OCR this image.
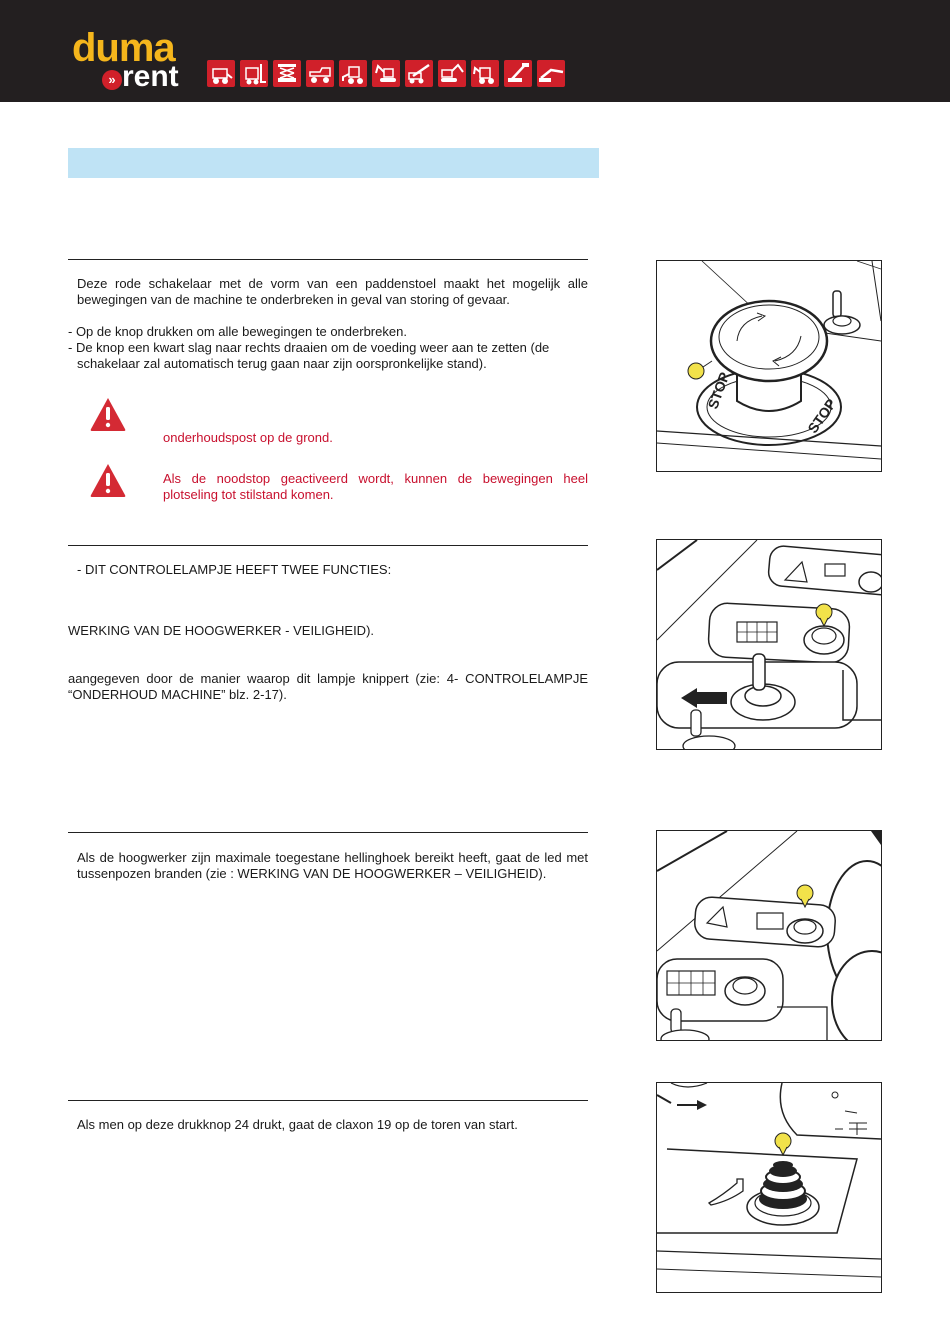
duma
» rent

Deze rode schakelaar met de vorm van een paddenstoel maakt het mogelijk alle bewegingen van de machine te onderbreken in geval van storing of gevaar.

- Op de knop drukken om alle bewegingen te onderbreken.

- De knop een kwart slag naar rechts draaien om de voeding weer aan te zetten (de

schakelaar zal automatisch terug gaan naar zijn oorspronkelijke stand).

onderhoudspost op de grond.

Als de noodstop geactiveerd wordt, kunnen de bewegingen heel plotseling tot stilstand komen.

STOP
STOP

- DIT CONTROLELAMPJE HEEFT TWEE FUNCTIES:

WERKING VAN DE HOOGWERKER - VEILIGHEID).

aangegeven door de manier waarop dit lampje knippert (zie: 4- CONTROLELAMPJE “ONDERHOUD MACHINE” blz. 2-17).

Als de hoogwerker zijn maximale toegestane hellinghoek bereikt heeft, gaat de led met tussenpozen branden (zie : WERKING VAN DE HOOGWERKER – VEILIGHEID).

Als men op deze drukknop 24 drukt, gaat de claxon 19 op de toren van start.
